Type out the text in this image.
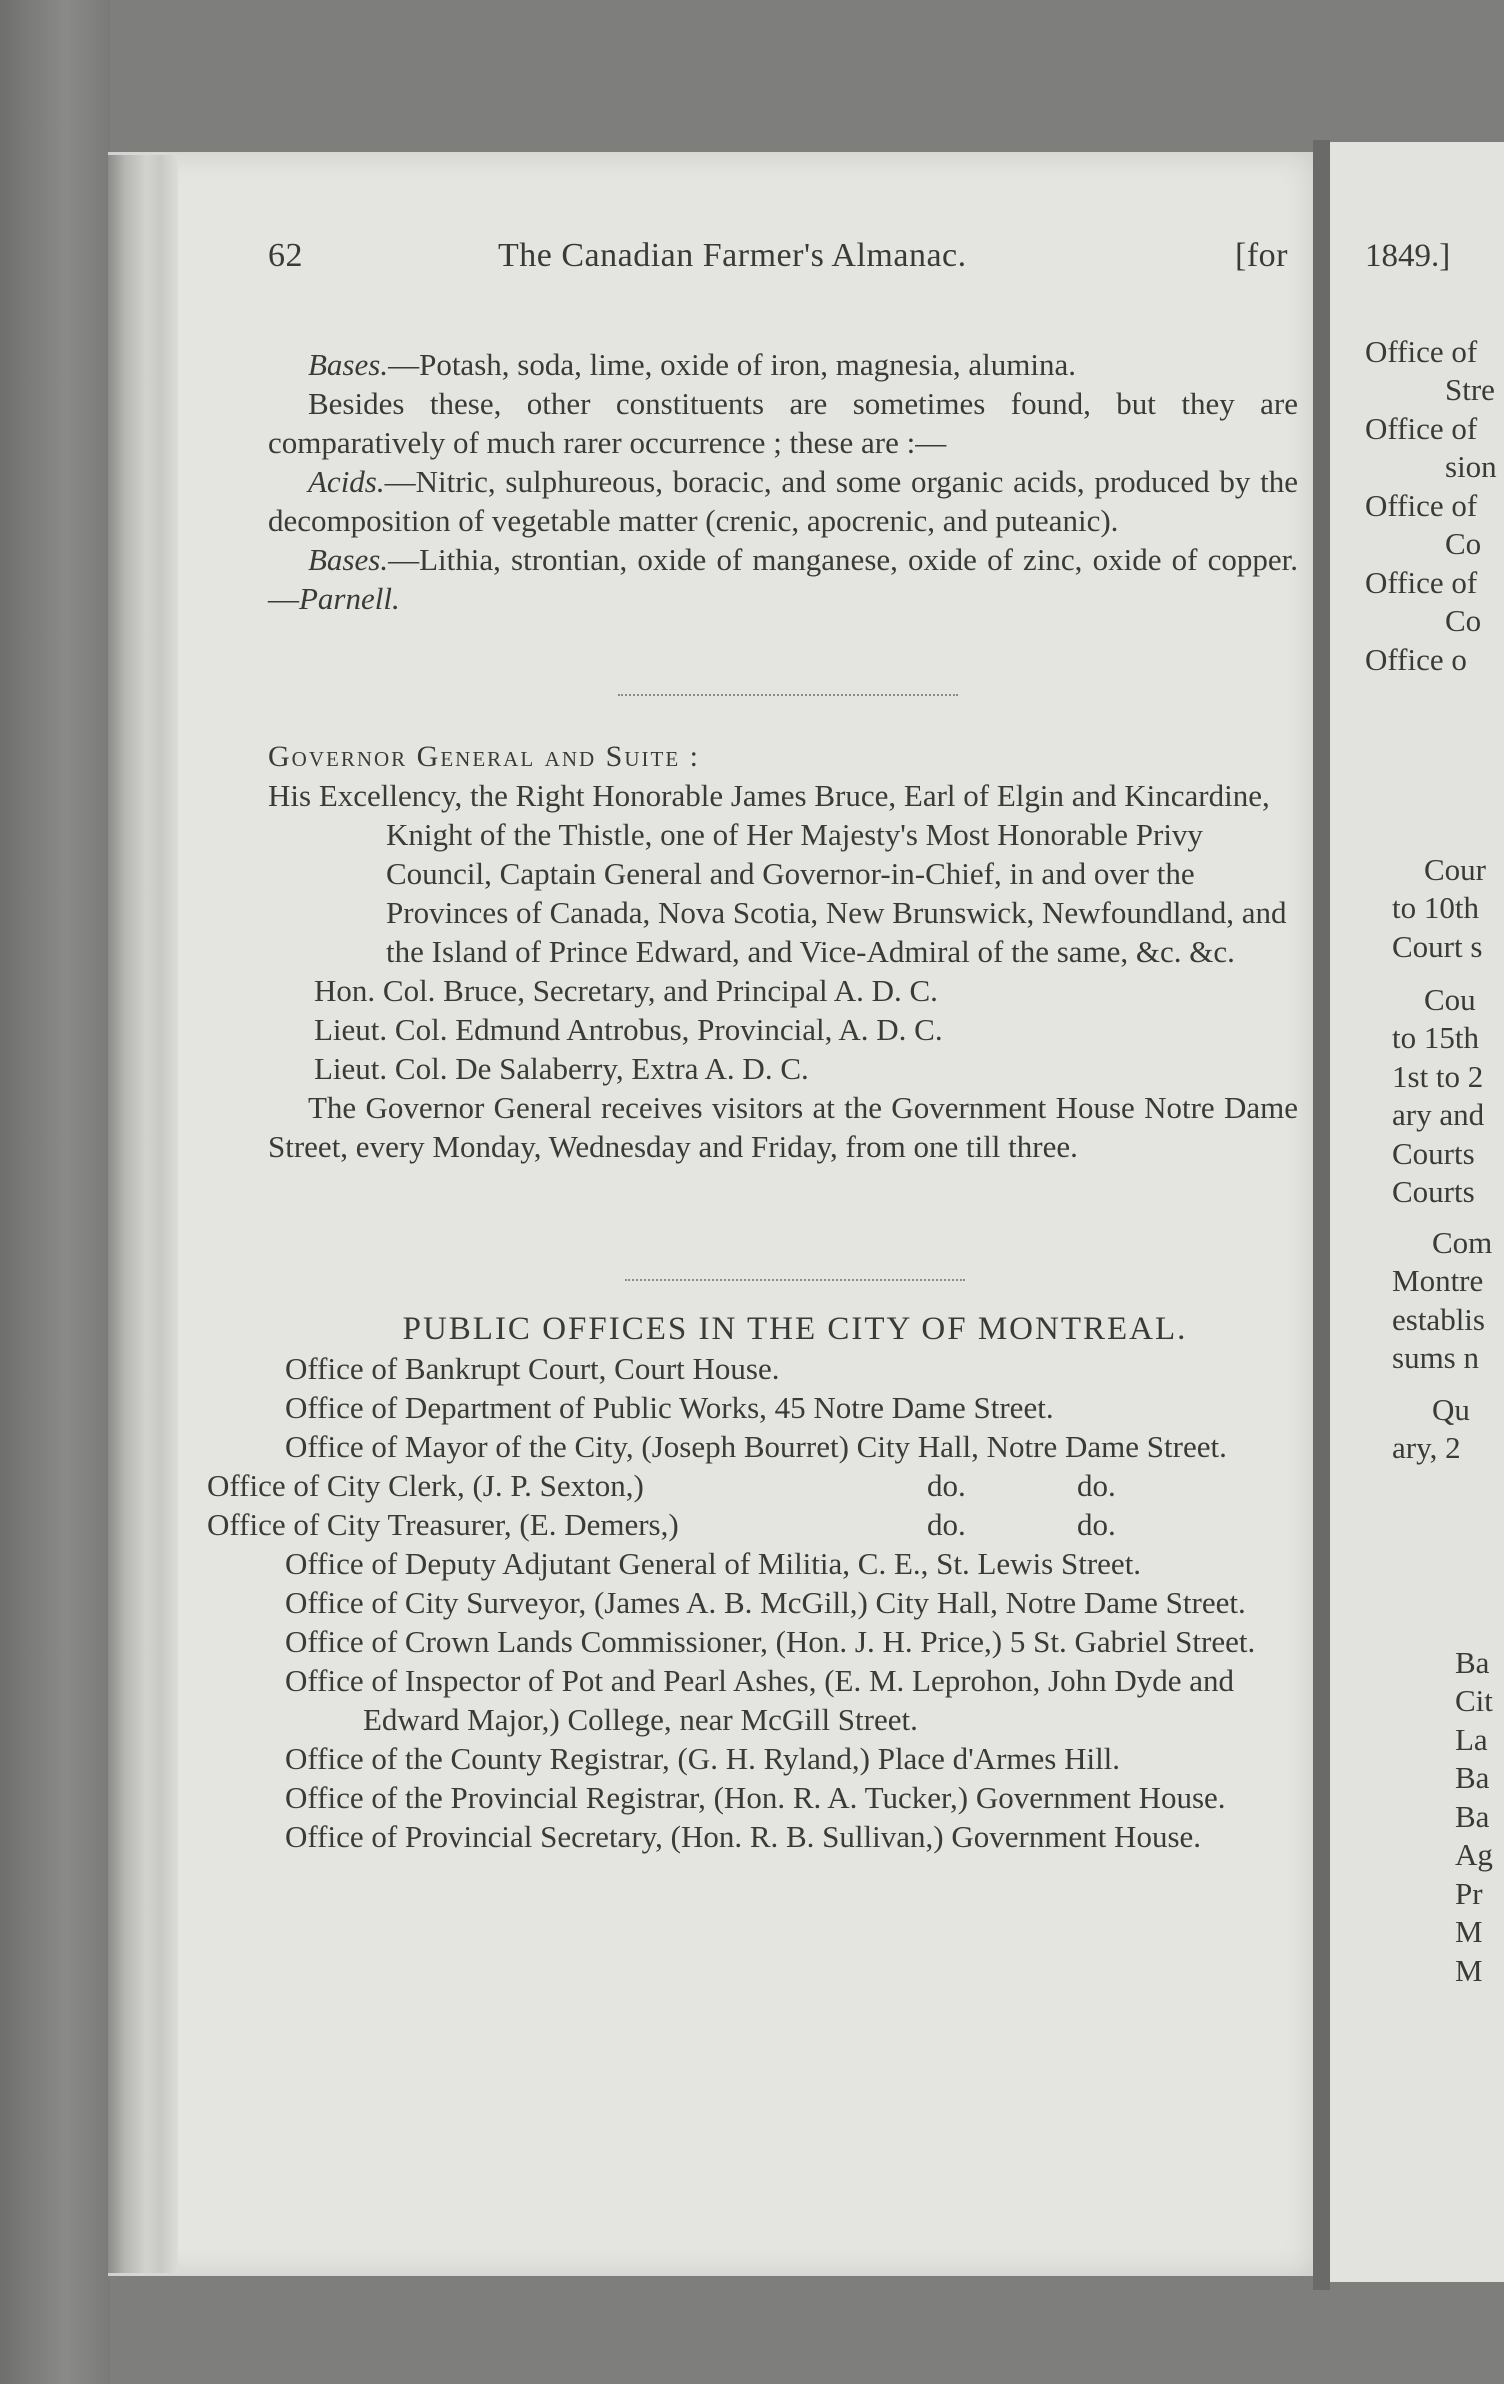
62	The Canadian Farmer's Almanac.	[for

Bases.—Potash, soda, lime, oxide of iron, magnesia, alumina.

Besides these, other constituents are sometimes found, but they are comparatively of much rarer occurrence ; these are :—

Acids.—Nitric, sulphureous, boracic, and some organic acids, produced by the decomposition of vegetable matter (crenic, apocrenic, and puteanic).

Bases.—Lithia, strontian, oxide of manganese, oxide of zinc, oxide of copper.—Parnell.

Governor General and Suite :

His Excellency, the Right Honorable James Bruce, Earl of Elgin and Kincardine, Knight of the Thistle, one of Her Majesty's Most Honorable Privy Council, Captain General and Governor-in-Chief, in and over the Provinces of Canada, Nova Scotia, New Brunswick, Newfoundland, and the Island of Prince Edward, and Vice-Admiral of the same, &c. &c.

Hon. Col. Bruce, Secretary, and Principal A. D. C.

Lieut. Col. Edmund Antrobus, Provincial, A. D. C.

Lieut. Col. De Salaberry, Extra A. D. C.

The Governor General receives visitors at the Government House Notre Dame Street, every Monday, Wednesday and Friday, from one till three.

PUBLIC OFFICES IN THE CITY OF MONTREAL.

Office of Bankrupt Court, Court House.

Office of Department of Public Works, 45 Notre Dame Street.

Office of Mayor of the City, (Joseph Bourret) City Hall, Notre Dame Street.

Office of City Clerk, (J. P. Sexton,)	do.	do.

Office of City Treasurer, (E. Demers,)	do.	do.

Office of Deputy Adjutant General of Militia, C. E., St. Lewis Street.

Office of City Surveyor, (James A. B. McGill,) City Hall, Notre Dame Street.

Office of Crown Lands Commissioner, (Hon. J. H. Price,) 5 St. Gabriel Street.

Office of Inspector of Pot and Pearl Ashes, (E. M. Leprohon, John Dyde and Edward Major,) College, near McGill Street.

Office of the County Registrar, (G. H. Ryland,) Place d'Armes Hill.

Office of the Provincial Registrar, (Hon. R. A. Tucker,) Government House.

Office of Provincial Secretary, (Hon. R. B. Sullivan,) Government House.

1849.]
Office of
Stre
Office of
sion
Office of
Co
Office of
Co
Office o
Cour
to 10th
Court s
Cou
to 15th
1st to 2
ary and
Courts
Courts
Com
Montre
establis
sums n
Qu
ary, 2
Ba
Cit
La
Ba
Ba
Ag
Pr
M
M
